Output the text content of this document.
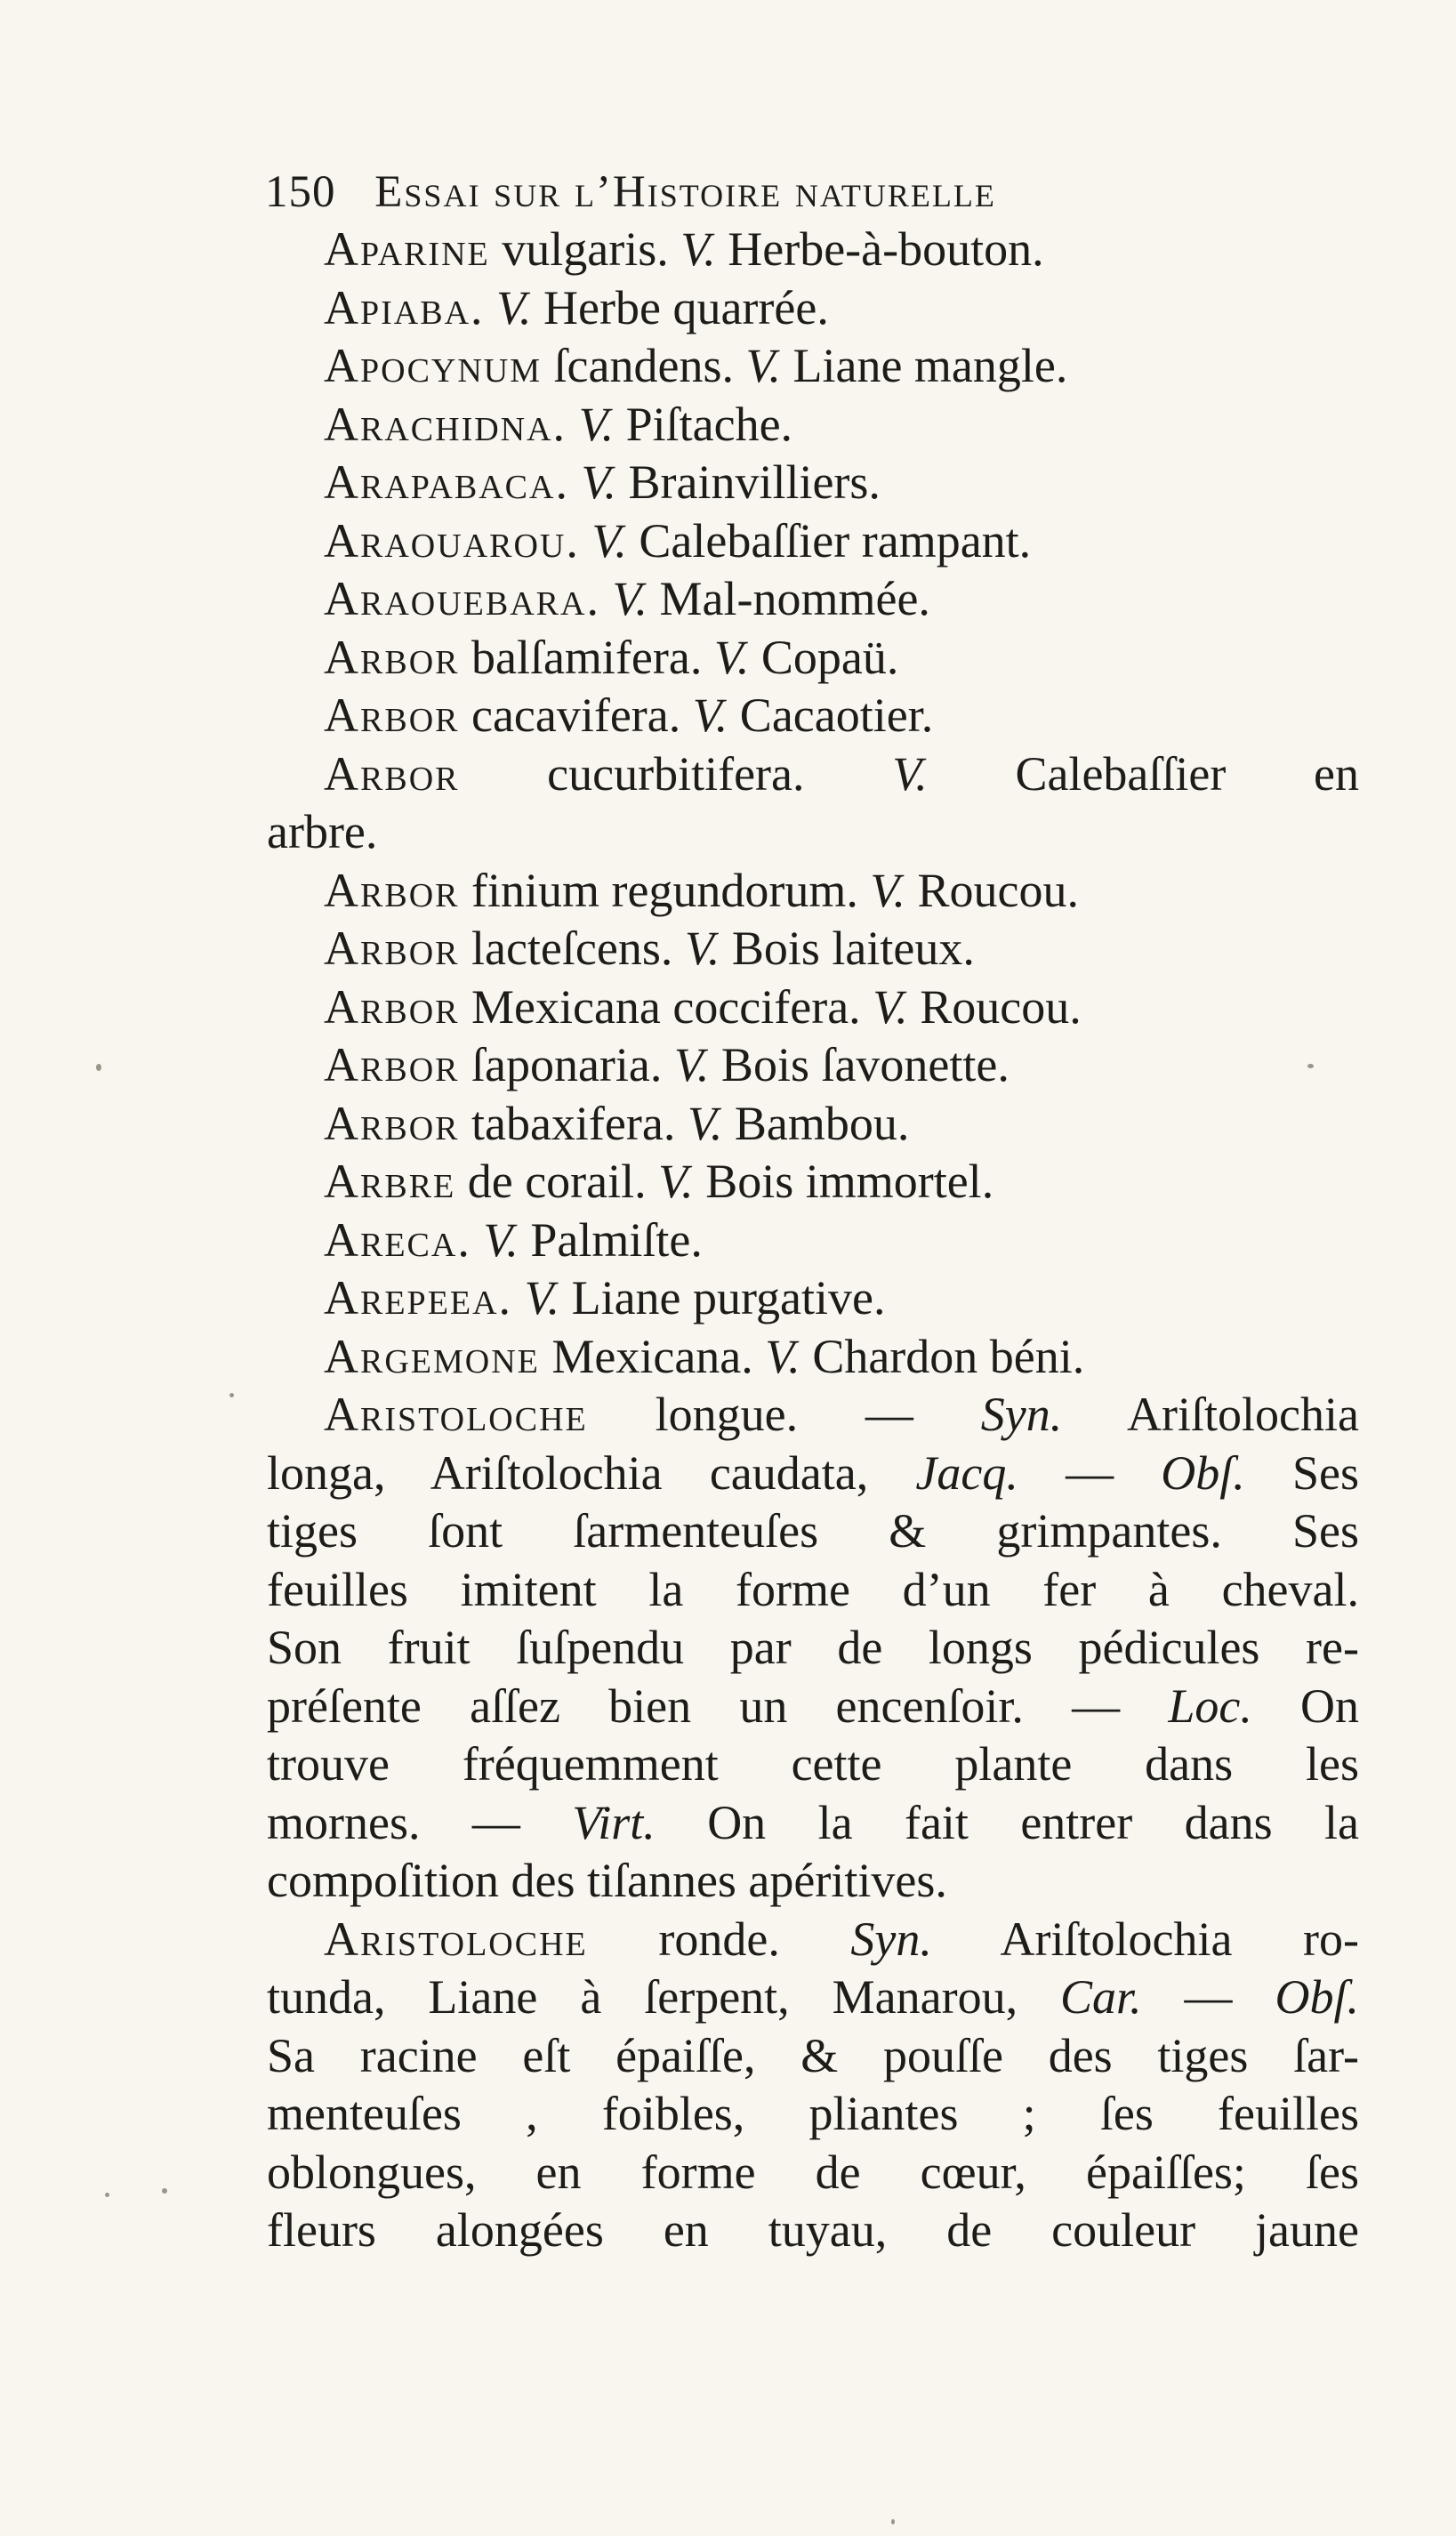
150 Essai sur l’Histoire naturelle
Aparine vulgaris. V. Herbe-à-bouton.
Apiaba. V. Herbe quarrée.
Apocynum ſcandens. V. Liane mangle.
Arachidna. V. Piſtache.
Arapabaca. V. Brainvilliers.
Araouarou. V. Calebaſſier rampant.
Araouebara. V. Mal-nommée.
Arbor balſamifera. V. Copaü.
Arbor cacavifera. V. Cacaotier.
Arbor cucurbitifera. V. Calebaſſier en
arbre.
Arbor finium regundorum. V. Roucou.
Arbor lacteſcens. V. Bois laiteux.
Arbor Mexicana coccifera. V. Roucou.
Arbor ſaponaria. V. Bois ſavonette.
Arbor tabaxifera. V. Bambou.
Arbre de corail. V. Bois immortel.
Areca. V. Palmiſte.
Arepeea. V. Liane purgative.
Argemone Mexicana. V. Chardon béni.
Aristoloche longue. — Syn. Ariſtolochia
longa, Ariſtolochia caudata, Jacq. — Obſ. Ses
tiges ſont ſarmenteuſes & grimpantes. Ses
feuilles imitent la forme d’un fer à cheval.
Son fruit ſuſpendu par de longs pédicules re-
préſente aſſez bien un encenſoir. — Loc. On
trouve fréquemment cette plante dans les
mornes. — Virt. On la fait entrer dans la
compoſition des tiſannes apéritives.
Aristoloche ronde. Syn. Ariſtolochia ro-
tunda, Liane à ſerpent, Manarou, Car. — Obſ.
Sa racine eſt épaiſſe, & pouſſe des tiges ſar-
menteuſes , foibles, pliantes ; ſes feuilles
oblongues, en forme de cœur, épaiſſes; ſes
fleurs alongées en tuyau, de couleur jaune
